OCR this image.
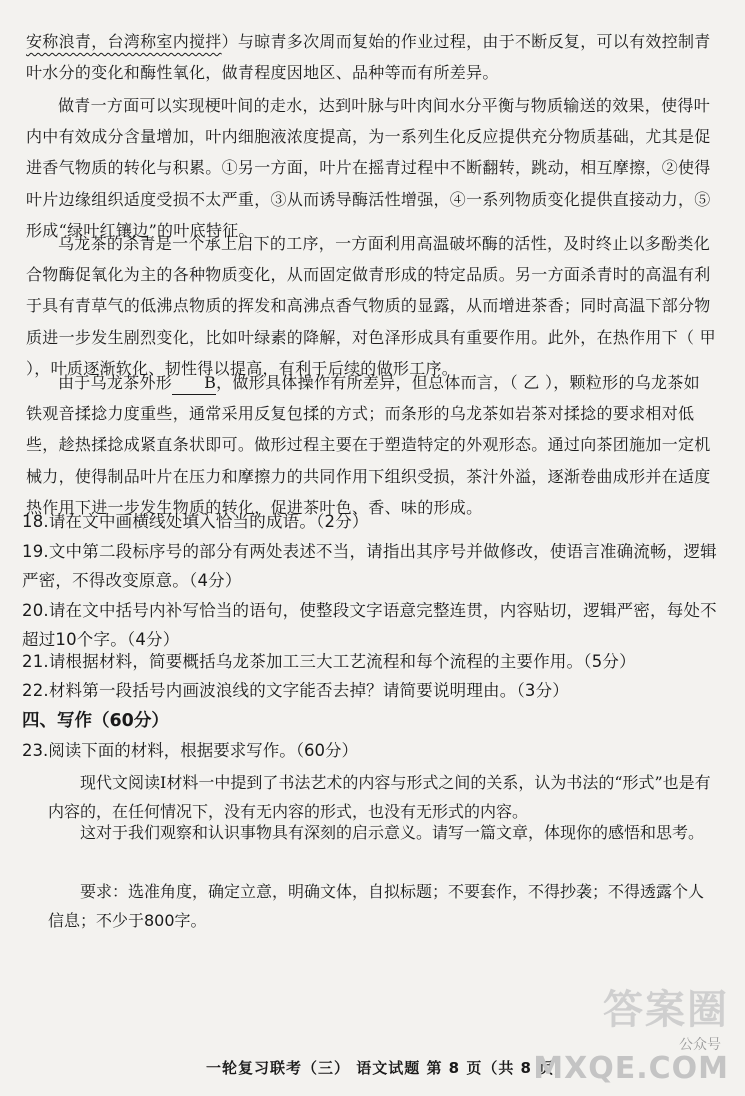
安称浪青，台湾称室内搅拌）与晾青多次周而复始的作业过程，由于不断反复，可以有效控制青叶水分的变化和酶性氧化，做青程度因地区、品种等而有所差异。
做青一方面可以实现梗叶间的走水，达到叶脉与叶肉间水分平衡与物质输送的效果，使得叶内中有效成分含量增加，叶内细胞液浓度提高，为一系列生化反应提供充分物质基础，尤其是促进香气物质的转化与积累。①另一方面，叶片在摇青过程中不断翻转，跳动，相互摩擦，②使得叶片边缘组织适度受损不太严重，③从而诱导酶活性增强，④一系列物质变化提供直接动力，⑤形成“绿叶红镶边”的叶底特征。
乌龙茶的杀青是一个承上启下的工序，一方面利用高温破坏酶的活性，及时终止以多酚类化合物酶促氧化为主的各种物质变化，从而固定做青形成的特定品质。另一方面杀青时的高温有利于具有青草气的低沸点物质的挥发和高沸点香气物质的显露，从而增进茶香；同时高温下部分物质进一步发生剧烈变化，比如叶绿素的降解，对色泽形成具有重要作用。此外，在热作用下（ 甲 ），叶质逐渐软化、韧性得以提高，有利于后续的做形工序。
由于乌龙茶外形 B，做形具体操作有所差异，但总体而言，（ 乙 ），颗粒形的乌龙茶如铁观音揉捻力度重些，通常采用反复包揉的方式；而条形的乌龙茶如岩茶对揉捻的要求相对低些，趁热揉捻成紧直条状即可。做形过程主要在于塑造特定的外观形态。通过向茶团施加一定机械力，使得制品叶片在压力和摩擦力的共同作用下组织受损，茶汁外溢，逐渐卷曲成形并在适度热作用下进一步发生物质的转化，促进茶叶色、香、味的形成。
18.请在文中画横线处填入恰当的成语。（2分）
19.文中第二段标序号的部分有两处表述不当，请指出其序号并做修改，使语言准确流畅，逻辑严密，不得改变原意。（4分）
20.请在文中括号内补写恰当的语句，使整段文字语意完整连贯，内容贴切，逻辑严密，每处不超过10个字。（4分）
21.请根据材料，简要概括乌龙茶加工三大工艺流程和每个流程的主要作用。（5分）
22.材料第一段括号内画波浪线的文字能否去掉？请简要说明理由。（3分）
四、写作（60分）
23.阅读下面的材料，根据要求写作。（60分）
现代文阅读Ⅰ材料一中提到了书法艺术的内容与形式之间的关系，认为书法的“形式”也是有内容的，在任何情况下，没有无内容的形式，也没有无形式的内容。
这对于我们观察和认识事物具有深刻的启示意义。请写一篇文章，体现你的感悟和思考。
要求：选准角度，确定立意，明确文体，自拟标题；不要套作，不得抄袭；不得透露个人信息；不少于800字。
一轮复习联考（三） 语文试题 第 8 页（共 8 页）
答案圈
公众号
MXQE.COM
